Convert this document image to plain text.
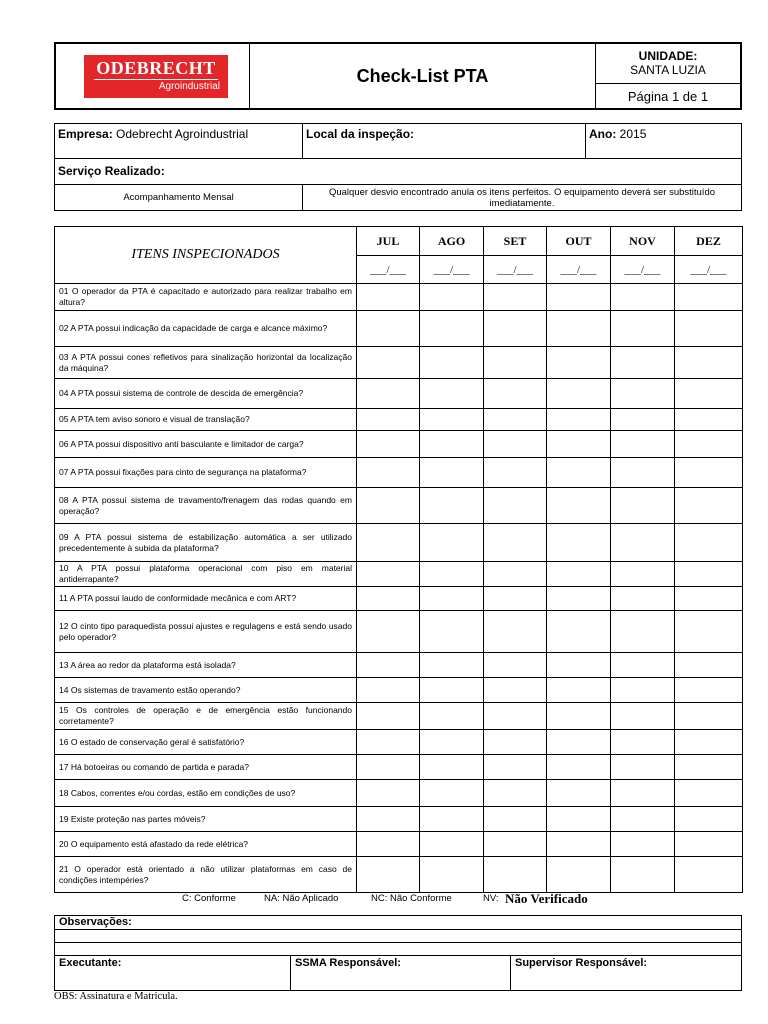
ODEBRECHT
Agroindustrial
Check-List PTA
UNIDADE:
SANTA LUZIA
Página 1 de 1
Empresa: Odebrecht Agroindustrial	Local da inspeção:	Ano: 2015
Serviço Realizado:
Acompanhamento Mensal	Qualquer desvio encontrado anula os itens perfeitos. O equipamento deverá ser substituído imediatamente.
ITENS INSPECIONADOS	JUL	AGO	SET	OUT	NOV	DEZ
	___/___	___/___	___/___	___/___	___/___	___/___
01 O operador da PTA é capacitado e autorizado para realizar trabalho em altura?						
02 A PTA possui indicação da capacidade de carga e alcance máximo?						
03 A PTA possui cones refletivos para sinalização horizontal da localização da máquina?						
04 A PTA possui sistema de controle de descida de emergência?						
05 A PTA tem aviso sonoro e visual de translação?						
06 A PTA possui dispositivo anti basculante e limitador de carga?						
07 A PTA possui fixações para cinto de segurança na plataforma?						
08 A PTA possui sistema de travamento/frenagem das rodas quando em operação?						
09 A PTA possui sistema de estabilização automática a ser utilizado precedentemente à subida da plataforma?						
10 A PTA possui plataforma operacional com piso em material antiderrapante?						
11 A PTA possui laudo de conformidade mecânica e com ART?						
12 O cinto tipo paraquedista possui ajustes e regulagens e está sendo usado pelo operador?						
13 A área ao redor da plataforma está isolada?						
14 Os sistemas de travamento estão operando?						
15 Os controles de operação e de emergência estão funcionando corretamente?						
16 O estado de conservação geral é satisfatório?						
17 Há botoeiras ou comando de partida e parada?						
18 Cabos, correntes e/ou cordas, estão em condições de uso?						
19 Existe proteção nas partes móveis?						
20 O equipamento está afastado da rede elétrica?						
21 O operador está orientado a não utilizar plataformas em caso de condições intempéries?						
C: Conforme	NA: Não Aplicado	NC: Não Conforme	NV: Não Verificado
Observações:
Executante:	SSMA Responsável:	Supervisor Responsável:
OBS: Assinatura e Matricula.
